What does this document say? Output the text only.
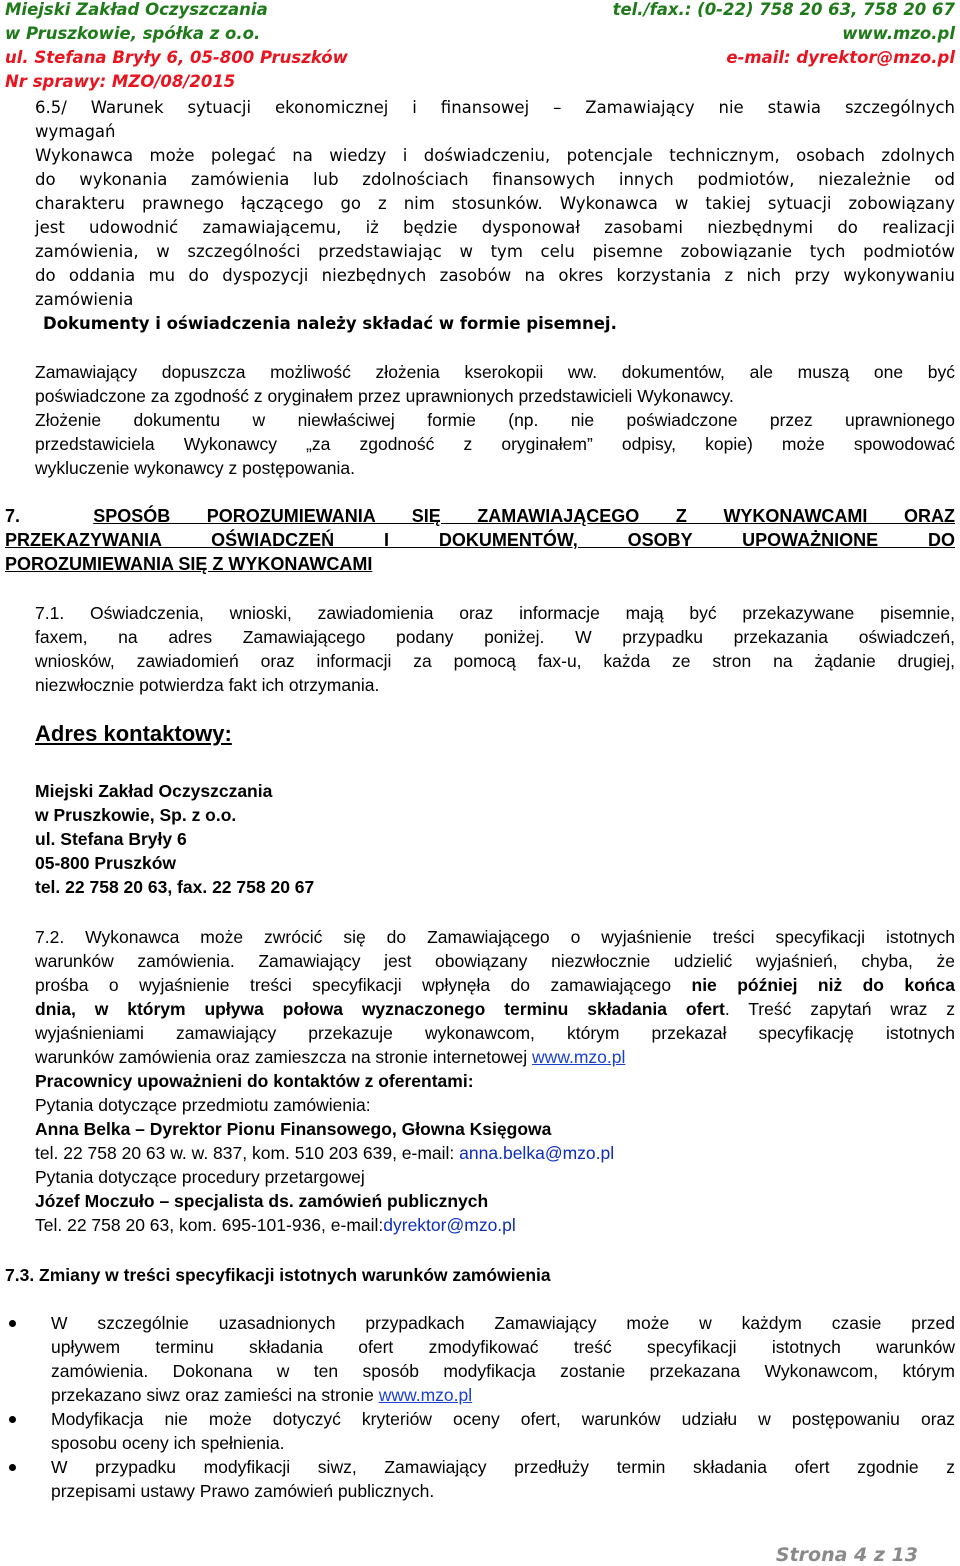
Miejski Zakład Oczyszczania	tel./fax.: (0-22) 758 20 63, 758 20 67
w Pruszkowie, spółka z o.o.	www.mzo.pl
ul. Stefana Bryły 6, 05-800 Pruszków	e-mail: dyrektor@mzo.pl
Nr sprawy: MZO/08/2015

6.5/ Warunek sytuacji ekonomicznej i finansowej – Zamawiający nie stawia szczególnych

wymagań

Wykonawca może polegać na wiedzy i doświadczeniu, potencjale technicznym, osobach zdolnych

do wykonania zamówienia lub zdolnościach finansowych innych podmiotów, niezależnie od

charakteru prawnego łączącego go z nim stosunków. Wykonawca w takiej sytuacji zobowiązany

jest udowodnić zamawiającemu, iż będzie dysponował zasobami niezbędnymi do realizacji

zamówienia, w szczególności przedstawiając w tym celu pisemne zobowiązanie tych podmiotów

do oddania mu do dyspozycji niezbędnych zasobów na okres korzystania z nich przy wykonywaniu

zamówienia

Dokumenty i oświadczenia należy składać w formie pisemnej.

Zamawiający dopuszcza możliwość złożenia kserokopii ww. dokumentów, ale muszą one być

poświadczone za zgodność z oryginałem przez uprawnionych przedstawicieli Wykonawcy.

Złożenie dokumentu w niewłaściwej formie (np. nie poświadczone przez uprawnionego

przedstawiciela Wykonawcy „za zgodność z oryginałem” odpisy, kopie) może spowodować

wykluczenie wykonawcy z postępowania.

7.	SPOSÓB POROZUMIEWANIA SIĘ ZAMAWIAJĄCEGO Z WYKONAWCAMI ORAZ

PRZEKAZYWANIA OŚWIADCZEŃ I DOKUMENTÓW, OSOBY UPOWAŻNIONE DO

POROZUMIEWANIA SIĘ Z WYKONAWCAMI

7.1. Oświadczenia, wnioski, zawiadomienia oraz informacje mają być przekazywane pisemnie,

faxem, na adres Zamawiającego podany poniżej. W przypadku przekazania oświadczeń,

wniosków, zawiadomień oraz informacji za pomocą fax-u, każda ze stron na żądanie drugiej,

niezwłocznie potwierdza fakt ich otrzymania.

Adres kontaktowy:

Miejski Zakład Oczyszczania

w Pruszkowie, Sp. z o.o.

ul. Stefana Bryły 6

05-800 Pruszków

tel. 22 758 20 63, fax. 22 758 20 67

7.2. Wykonawca może zwrócić się do Zamawiającego o wyjaśnienie treści specyfikacji istotnych

warunków zamówienia. Zamawiający jest obowiązany niezwłocznie udzielić wyjaśnień, chyba, że

prośba o wyjaśnienie treści specyfikacji wpłynęła do zamawiającego nie później niż do końca

dnia, w którym upływa połowa wyznaczonego terminu składania ofert. Treść zapytań wraz z

wyjaśnieniami zamawiający przekazuje wykonawcom, którym przekazał specyfikację istotnych

warunków zamówienia oraz zamieszcza na stronie internetowej www.mzo.pl

Pracownicy upoważnieni do kontaktów z oferentami:

Pytania dotyczące przedmiotu zamówienia:

Anna Belka – Dyrektor Pionu Finansowego, Głowna Księgowa

tel. 22 758 20 63 w. w. 837, kom. 510 203 639, e-mail: anna.belka@mzo.pl

Pytania dotyczące procedury przetargowej

Józef Moczuło – specjalista ds. zamówień publicznych

Tel. 22 758 20 63, kom. 695-101-936, e-mail:dyrektor@mzo.pl

7.3. Zmiany w treści specyfikacji istotnych warunków zamówienia

W szczególnie uzasadnionych przypadkach Zamawiający może w każdym czasie przed

upływem terminu składania ofert zmodyfikować treść specyfikacji istotnych warunków

zamówienia. Dokonana w ten sposób modyfikacja zostanie przekazana Wykonawcom, którym

przekazano siwz oraz zamieści na stronie www.mzo.pl

Modyfikacja nie może dotyczyć kryteriów oceny ofert, warunków udziału w postępowaniu oraz

sposobu oceny ich spełnienia.

W przypadku modyfikacji siwz, Zamawiający przedłuży termin składania ofert zgodnie z

przepisami ustawy Prawo zamówień publicznych.

Strona 4 z 13
